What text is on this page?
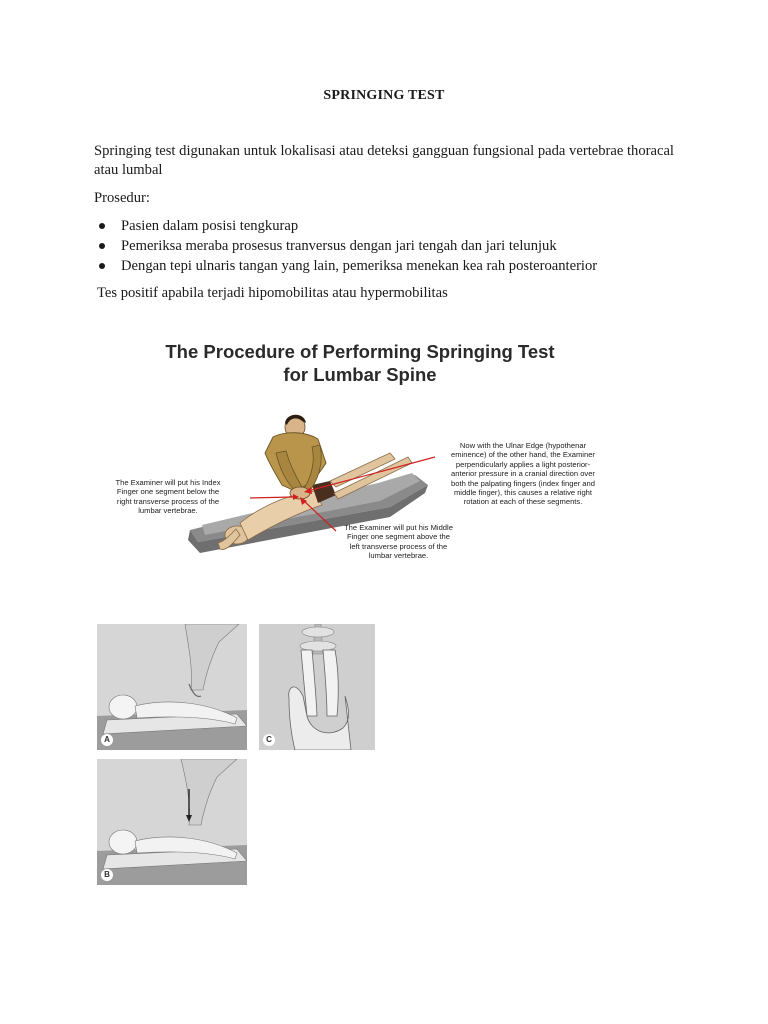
SPRINGING TEST
Springing test digunakan untuk lokalisasi atau deteksi gangguan fungsional pada vertebrae thoracal atau lumbal
Prosedur:
Pasien dalam posisi tengkurap
Pemeriksa meraba prosesus tranversus dengan jari tengah dan jari telunjuk
Dengan tepi ulnaris tangan yang lain, pemeriksa menekan kea rah posteroanterior
Tes positif apabila terjadi hipomobilitas atau hypermobilitas
The Procedure of Performing Springing Test
for Lumbar Spine
The Examiner will put his Index
Finger one segment below the
right transverse process of the
lumbar vertebrae.
The Examiner will put his Middle
Finger one segment above the
left transverse process of the
lumbar vertebrae.
Now with the Ulnar Edge (hypothenar
eminence) of the other hand, the Examiner
perpendicularly applies a light posterior-
anterior pressure in a cranial direction over
both the palpating fingers (index finger and
middle finger), this causes a relative right
rotation at each of these segments.
A	C
B
